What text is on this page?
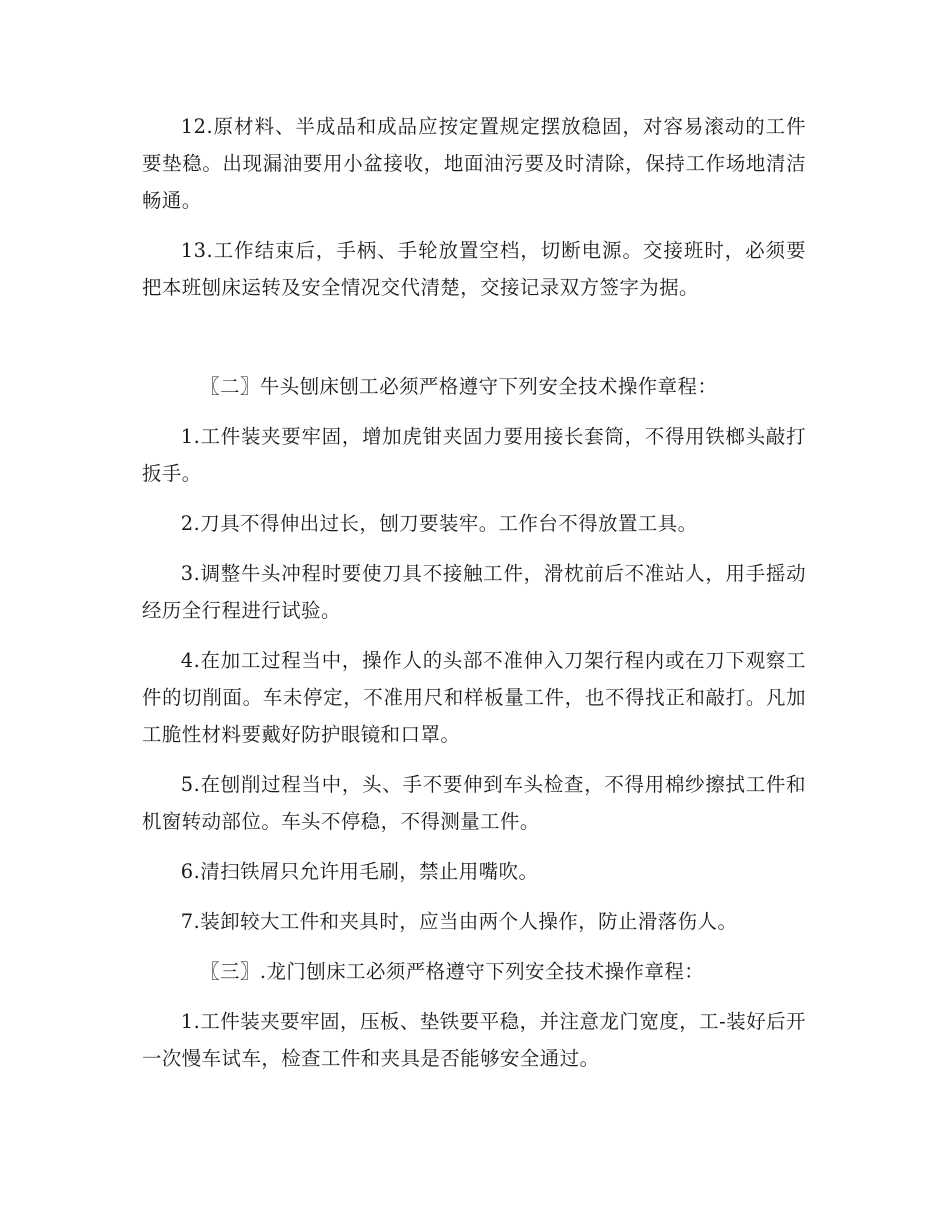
12.原材料、半成品和成品应按定置规定摆放稳固，对容易滚动的工件要垫稳。出现漏油要用小盆接收，地面油污要及时清除，保持工作场地清洁畅通。

13.工作结束后，手柄、手轮放置空档，切断电源。交接班时，必须要把本班刨床运转及安全情况交代清楚，交接记录双方签字为据。

〖二〗牛头刨床刨工必须严格遵守下列安全技术操作章程：

1.工件装夹要牢固，增加虎钳夹固力要用接长套筒，不得用铁榔头敲打扳手。

2.刀具不得伸出过长，刨刀要装牢。工作台不得放置工具。

3.调整牛头冲程时要使刀具不接触工件，滑枕前后不准站人，用手摇动经历全行程进行试验。

4.在加工过程当中，操作人的头部不准伸入刀架行程内或在刀下观察工件的切削面。车未停定，不准用尺和样板量工件，也不得找正和敲打。凡加工脆性材料要戴好防护眼镜和口罩。

5.在刨削过程当中，头、手不要伸到车头检查，不得用棉纱擦拭工件和机窗转动部位。车头不停稳，不得测量工件。

6.清扫铁屑只允许用毛刷，禁止用嘴吹。

7.装卸较大工件和夹具时，应当由两个人操作，防止滑落伤人。

〖三〗.龙门刨床工必须严格遵守下列安全技术操作章程：

1.工件装夹要牢固，压板、垫铁要平稳，并注意龙门宽度，工-装好后开一次慢车试车，检查工件和夹具是否能够安全通过。
